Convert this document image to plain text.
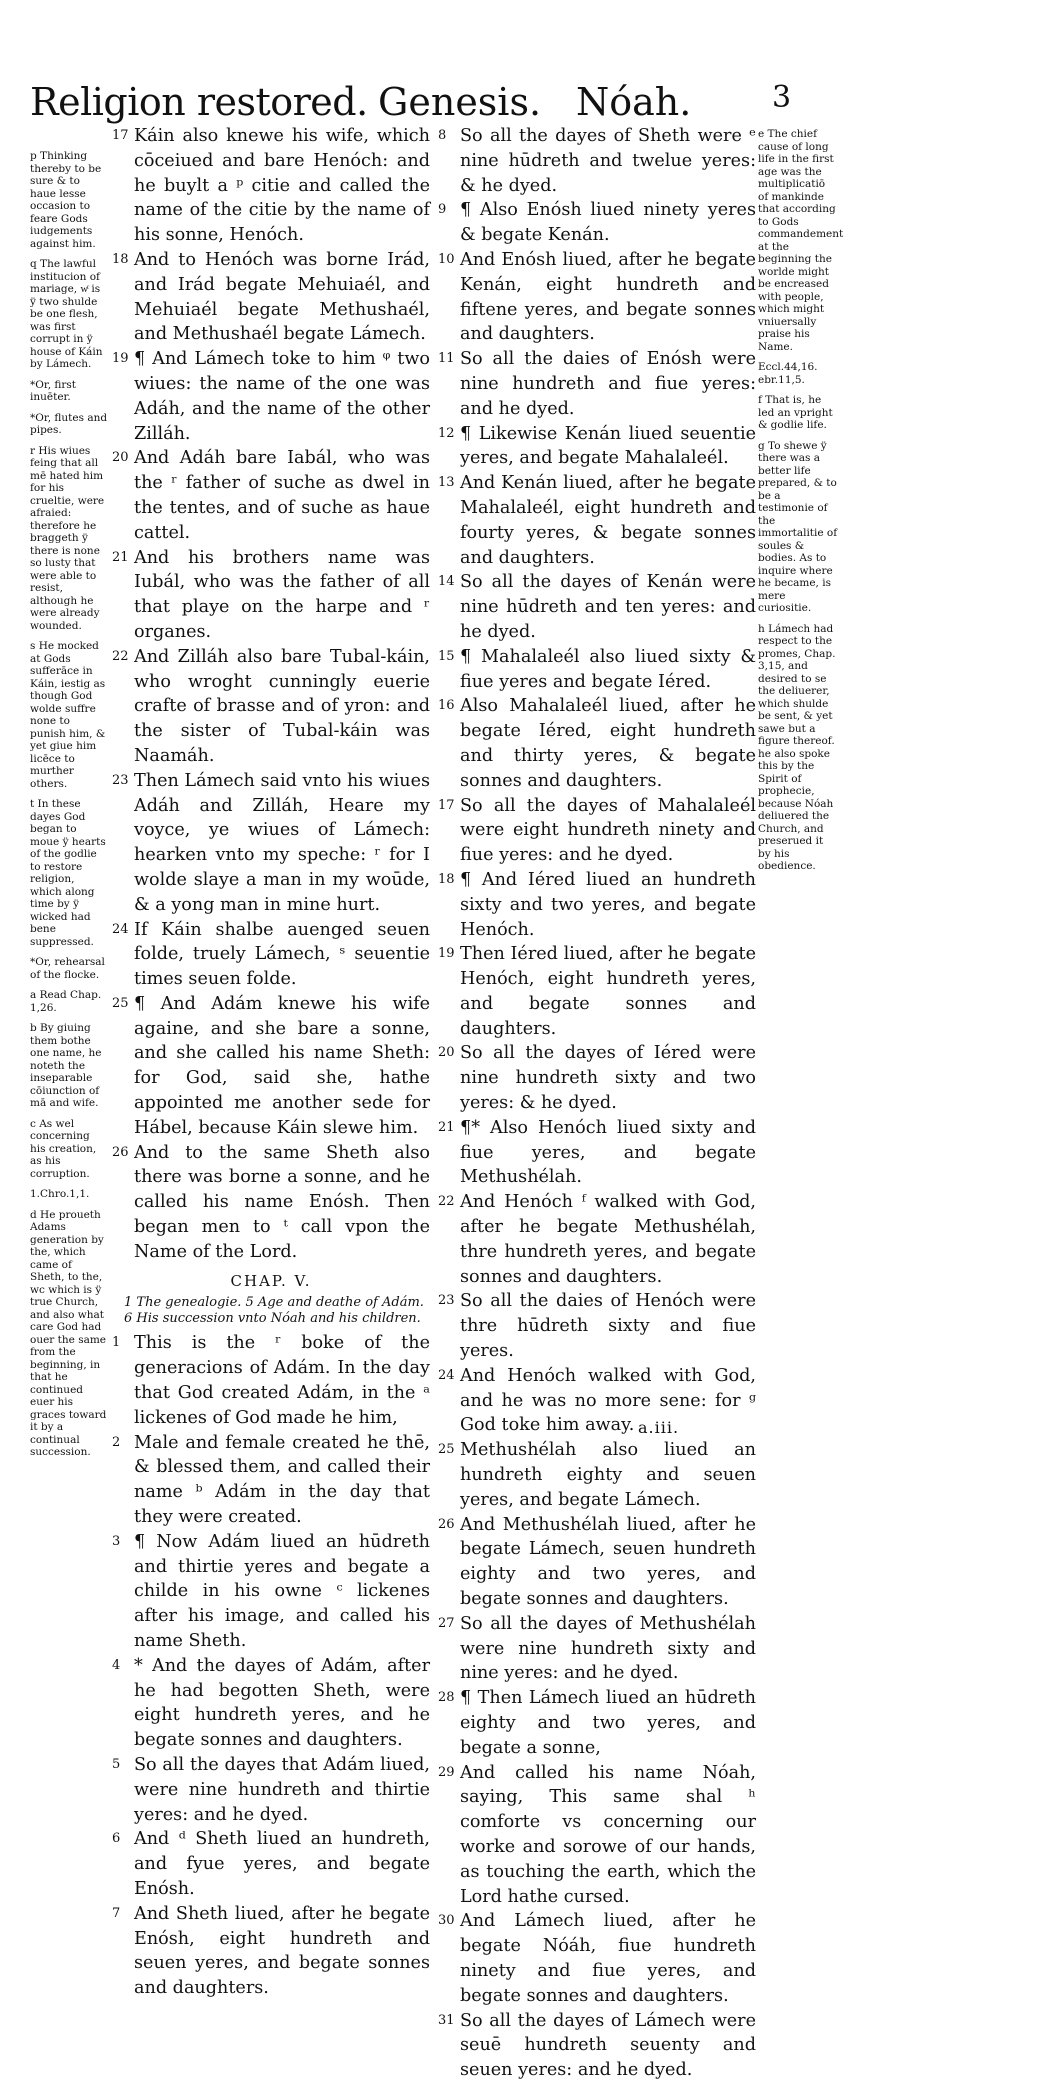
Religion restored. Genesis. Nóah.	3
p Thinking thereby to be sure & to haue lesse occasion to feare Gods iudgements against him.
q The lawful institucion of mariage, wͨ is ÿ two shulde be one flesh, was first corrupt in ÿ house of Káin by Lámech.
*Or, first inuēter.
*Or, flutes and pipes.
r His wiues feing that all mē hated him for his crueltie, were afraied: therefore he braggeth ÿ there is none so lusty that were able to resist, although he were already wounded.
s He mocked at Gods sufferāce in Káin, iestig as though God wolde suffre none to punish him, & yet giue him licēce to murther others.
t In these dayes God began to moue ÿ hearts of the godlie to restore religion, which along time by ÿ wicked had bene suppressed.
*Or, rehearsal of the flocke.
a Read Chap. 1,26.
b By giuing them bothe one name, he noteth the inseparable cōiunction of mā and wife.
c As wel concerning his creation, as his corruption.
1.Chro.1,1.
d He proueth Adams generation by the, which came of Sheth, to the, wc which is ÿ true Church, and also what care God had ouer the same from the beginning, in that he continued euer his graces toward it by a continual succession.
17 Káin also knewe his wife, which cōceiued and bare Henóch: and he buylt a ᵖ citie and called the name of the citie by the name of his sonne, Henóch.
18 And to Henóch was borne Irád, and Irád begate Mehuiaél, and Mehuiaél begate Methushaél, and Methushaél begate Lámech.
19 ¶ And Lámech toke to him ᵠ two wiues: the name of the one was Adáh, and the name of the other Zilláh.
20 And Adáh bare Iabál, who was the ʳ father of suche as dwel in the tentes, and of suche as haue cattel.
21 And his brothers name was Iubál, who was the father of all that playe on the harpe and ʳ organes.
22 And Zilláh also bare Tubal-káin, who wroght cunningly euerie crafte of brasse and of yron: and the sister of Tubal-káin was Naamáh.
23 Then Lámech said vnto his wiues Adáh and Zilláh, Heare my voyce, ye wiues of Lámech: hearken vnto my speche: ʳ for I wolde slaye a man in my woūde, & a yong man in mine hurt.
24 If Káin shalbe auenged seuen folde, truely Lámech, ˢ seuentie times seuen folde.
25 ¶ And Adám knewe his wife againe, and she bare a sonne, and she called his name Sheth: for God, said she, hathe appointed me another sede for Hábel, because Káin slewe him.
26 And to the same Sheth also there was borne a sonne, and he called his name Enósh. Then began men to ᵗ call vpon the Name of the Lord.
CHAP. V.
1 The genealogie. 5 Age and deathe of Adám. 6 His succession vnto Nóah and his children.
1 This is the ʳ boke of the generacions of Adám. In the day that God created Adám, in the ᵃ lickenes of God made he him,
2 Male and female created he thē, & blessed them, and called their name ᵇ Adám in the day that they were created.
3 ¶ Now Adám liued an hūdreth and thirtie yeres and begate a childe in his owne ᶜ lickenes after his image, and called his name Sheth.
4 * And the dayes of Adám, after he had begotten Sheth, were eight hundreth yeres, and he begate sonnes and daughters.
5 So all the dayes that Adám liued, were nine hundreth and thirtie yeres: and he dyed.
6 And ᵈ Sheth liued an hundreth, and fyue yeres, and begate Enósh.
7 And Sheth liued, after he begate Enósh, eight hundreth and seuen yeres, and begate sonnes and daughters.
8 So all the dayes of Sheth were ᵉ nine hūdreth and twelue yeres: & he dyed.
9 ¶ Also Enósh liued ninety yeres & begate Kenán.
10 And Enósh liued, after he begate Kenán, eight hundreth and fiftene yeres, and begate sonnes and daughters.
11 So all the daies of Enósh were nine hundreth and fiue yeres: and he dyed.
12 ¶ Likewise Kenán liued seuentie yeres, and begate Mahalaleél.
13 And Kenán liued, after he begate Mahalaleél, eight hundreth and fourty yeres, & begate sonnes and daughters.
14 So all the dayes of Kenán were nine hūdreth and ten yeres: and he dyed.
15 ¶ Mahalaleél also liued sixty & fiue yeres and begate Iéred.
16 Also Mahalaleél liued, after he begate Iéred, eight hundreth and thirty yeres, & begate sonnes and daughters.
17 So all the dayes of Mahalaleél were eight hundreth ninety and fiue yeres: and he dyed.
18 ¶ And Iéred liued an hundreth sixty and two yeres, and begate Henóch.
19 Then Iéred liued, after he begate Henóch, eight hundreth yeres, and begate sonnes and daughters.
20 So all the dayes of Iéred were nine hundreth sixty and two yeres: & he dyed.
21 ¶* Also Henóch liued sixty and fiue yeres, and begate Methushélah.
22 And Henóch ᶠ walked with God, after he begate Methushélah, thre hundreth yeres, and begate sonnes and daughters.
23 So all the daies of Henóch were thre hūdreth sixty and fiue yeres.
24 And Henóch walked with God, and he was no more sene: for ᵍ God toke him away.
25 Methushélah also liued an hundreth eighty and seuen yeres, and begate Lámech.
26 And Methushélah liued, after he begate Lámech, seuen hundreth eighty and two yeres, and begate sonnes and daughters.
27 So all the dayes of Methushélah were nine hundreth sixty and nine yeres: and he dyed.
28 ¶ Then Lámech liued an hūdreth eighty and two yeres, and begate a sonne,
29 And called his name Nóah, saying, This same shal ʰ comforte vs concerning our worke and sorowe of our hands, as touching the earth, which the Lord hathe cursed.
30 And Lámech liued, after he begate Nóáh, fiue hundreth ninety and fiue yeres, and begate sonnes and daughters.
31 So all the dayes of Lámech were seuē hundreth seuenty and seuen yeres: and he dyed.
e The chief cause of long life in the first age was the multiplicatiō of mankinde that according to Gods commandement at the beginning the worlde might be encreased with people, which might vniuersally praise his Name.
Eccl.44,16. ebr.11,5.
f That is, he led an vpright & godlie life.
g To shewe ÿ there was a better life prepared, & to be a testimonie of the immortalitie of soules & bodies. As to inquire where he became, is mere curiositie.
h Lámech had respect to the promes, Chap. 3,15, and desired to se the deliuerer, which shulde be sent, & yet sawe but a figure thereof. he also spoke this by the Spirit of prophecie, because Nóah deliuered the Church, and preserued it by his obedience.
a.iii.
